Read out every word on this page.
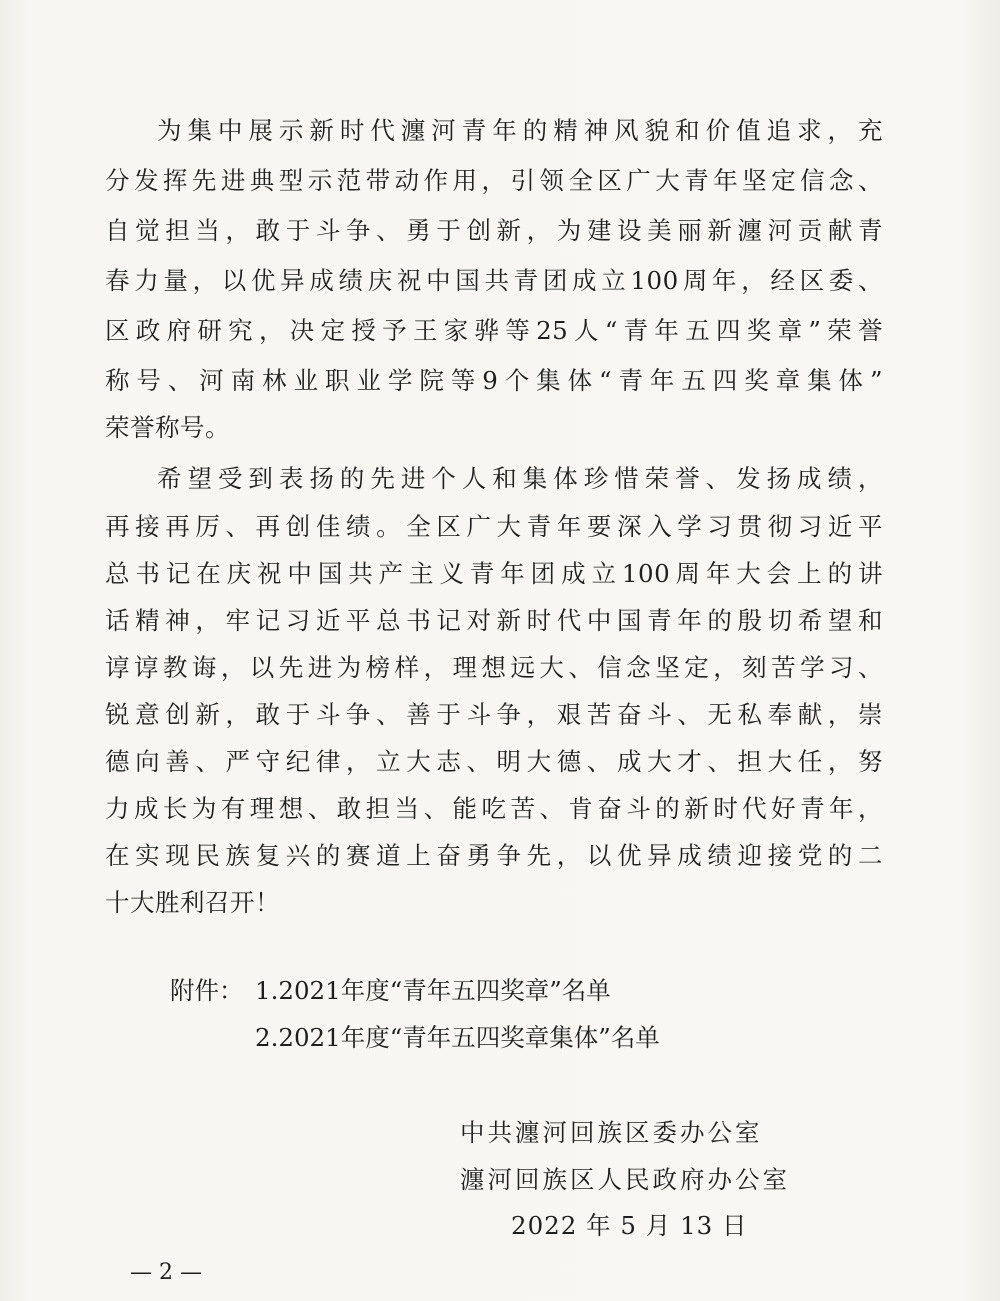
为集中展示新时代瀍河青年的精神风貌和价值追求，充
分发挥先进典型示范带动作用，引领全区广大青年坚定信念、
自觉担当，敢于斗争、勇于创新，为建设美丽新瀍河贡献青
春力量，以优异成绩庆祝中国共青团成立100周年，经区委、
区政府研究，决定授予王家骅等25人“青年五四奖章”荣誉
称号、河南林业职业学院等9个集体“青年五四奖章集体”
荣誉称号。
希望受到表扬的先进个人和集体珍惜荣誉、发扬成绩，
再接再厉、再创佳绩。全区广大青年要深入学习贯彻习近平
总书记在庆祝中国共产主义青年团成立100周年大会上的讲
话精神，牢记习近平总书记对新时代中国青年的殷切希望和
谆谆教诲，以先进为榜样，理想远大、信念坚定，刻苦学习、
锐意创新，敢于斗争、善于斗争，艰苦奋斗、无私奉献，崇
德向善、严守纪律，立大志、明大德、成大才、担大任，努
力成长为有理想、敢担当、能吃苦、肯奋斗的新时代好青年，
在实现民族复兴的赛道上奋勇争先，以优异成绩迎接党的二
十大胜利召开！
附件： 1.2021年度“青年五四奖章”名单
2.2021年度“青年五四奖章集体”名单
中共瀍河回族区委办公室
瀍河回族区人民政府办公室
2022 年 5 月 13 日
— 2 —
